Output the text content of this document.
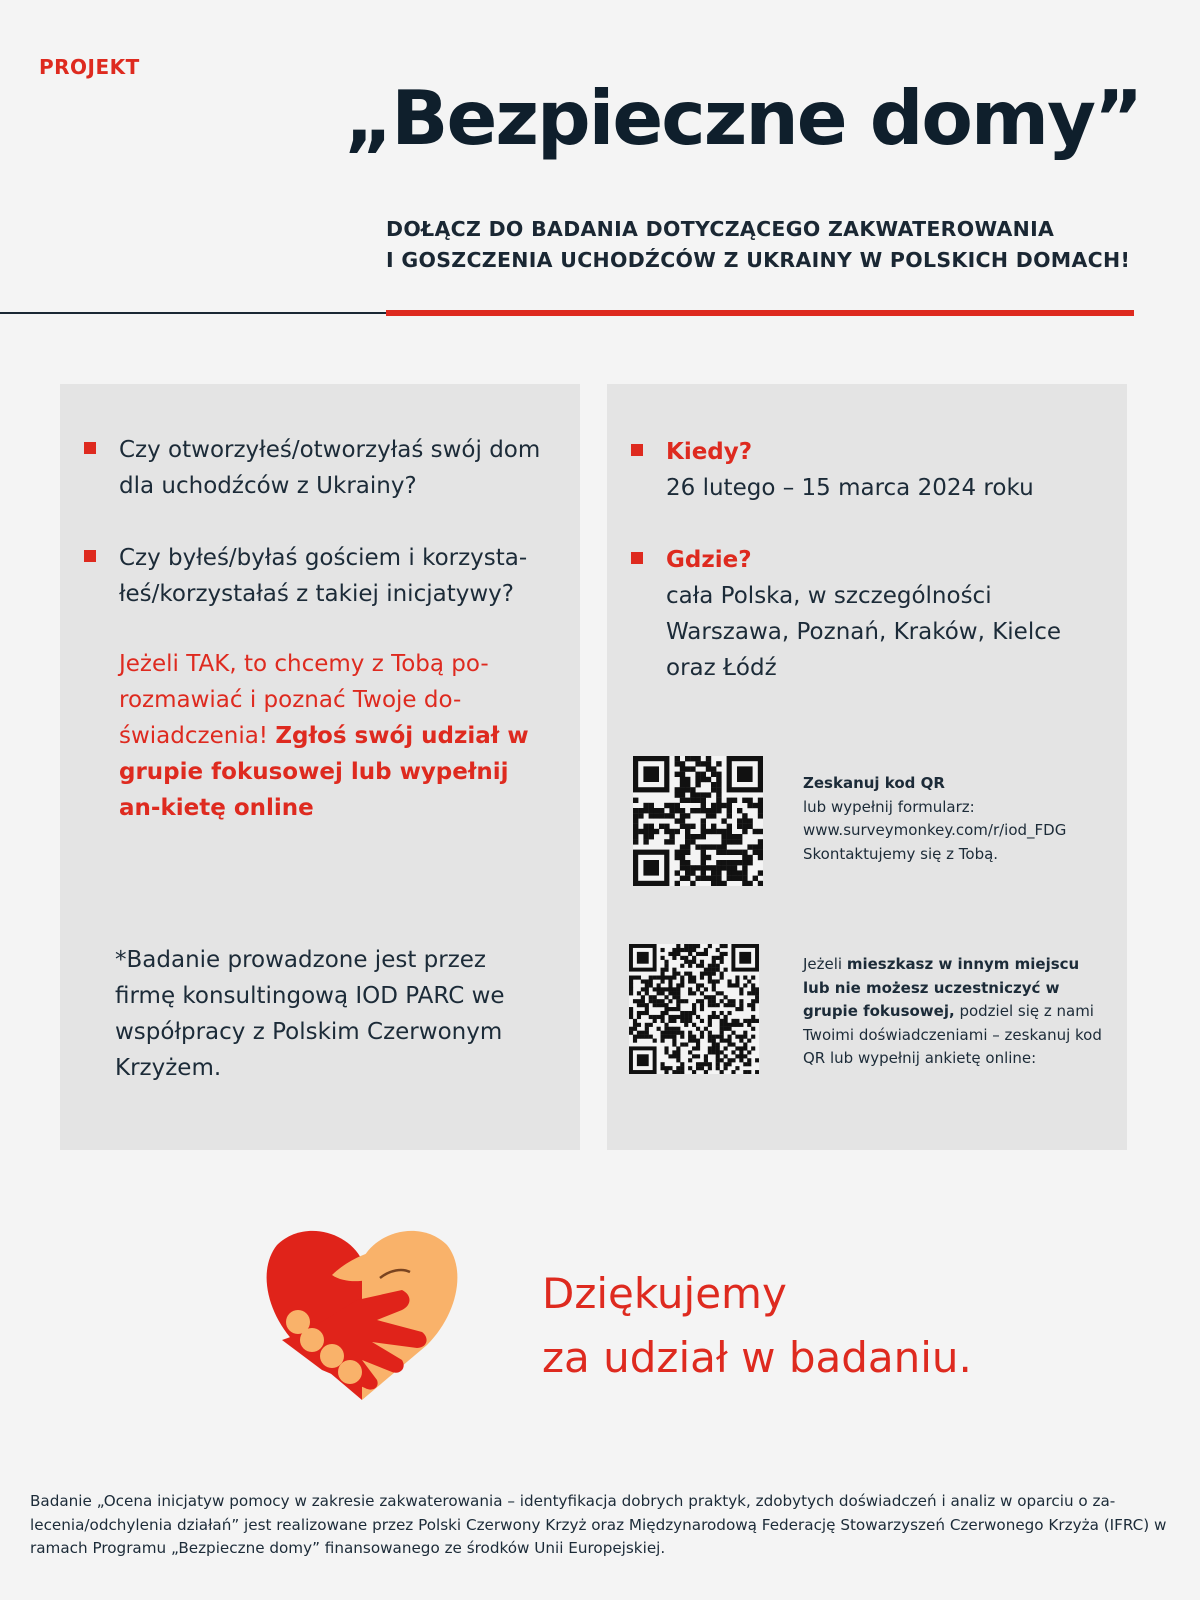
PROJEKT
„Bezpieczne domy”
DOŁĄCZ DO BADANIA DOTYCZĄCEGO ZAKWATEROWANIA
I GOSZCZENIA UCHODŹCÓW Z UKRAINY W POLSKICH DOMACH!
Czy otworzyłeś/otworzyłaś swój dom dla uchodźców z Ukrainy?
Czy byłeś/byłaś gościem i korzysta-łeś/korzystałaś z takiej inicjatywy?
Jeżeli TAK, to chcemy z Tobą po-rozmawiać i poznać Twoje do-świadczenia! Zgłoś swój udział w grupie fokusowej lub wypełnij an-kietę online
*Badanie prowadzone jest przez firmę konsultingową IOD PARC we współpracy z Polskim Czerwonym Krzyżem.
Kiedy?
26 lutego – 15 marca 2024 roku
Gdzie?
cała Polska, w szczególności Warszawa, Poznań, Kraków, Kielce oraz Łódź
Zeskanuj kod QR
lub wypełnij formularz:
www.surveymonkey.com/r/iod_FDG
Skontaktujemy się z Tobą.
Jeżeli mieszkasz w innym miejscu lub nie możesz uczestniczyć w grupie fokusowej, podziel się z nami Twoimi doświadczeniami – zeskanuj kod QR lub wypełnij ankietę online:
Dziękujemy
za udział w badaniu.
Badanie „Ocena inicjatyw pomocy w zakresie zakwaterowania – identyfikacja dobrych praktyk, zdobytych doświadczeń i analiz w oparciu o za-lecenia/odchylenia działań” jest realizowane przez Polski Czerwony Krzyż oraz Międzynarodową Federację Stowarzyszeń Czerwonego Krzyża (IFRC) w ramach Programu „Bezpieczne domy” finansowanego ze środków Unii Europejskiej.
